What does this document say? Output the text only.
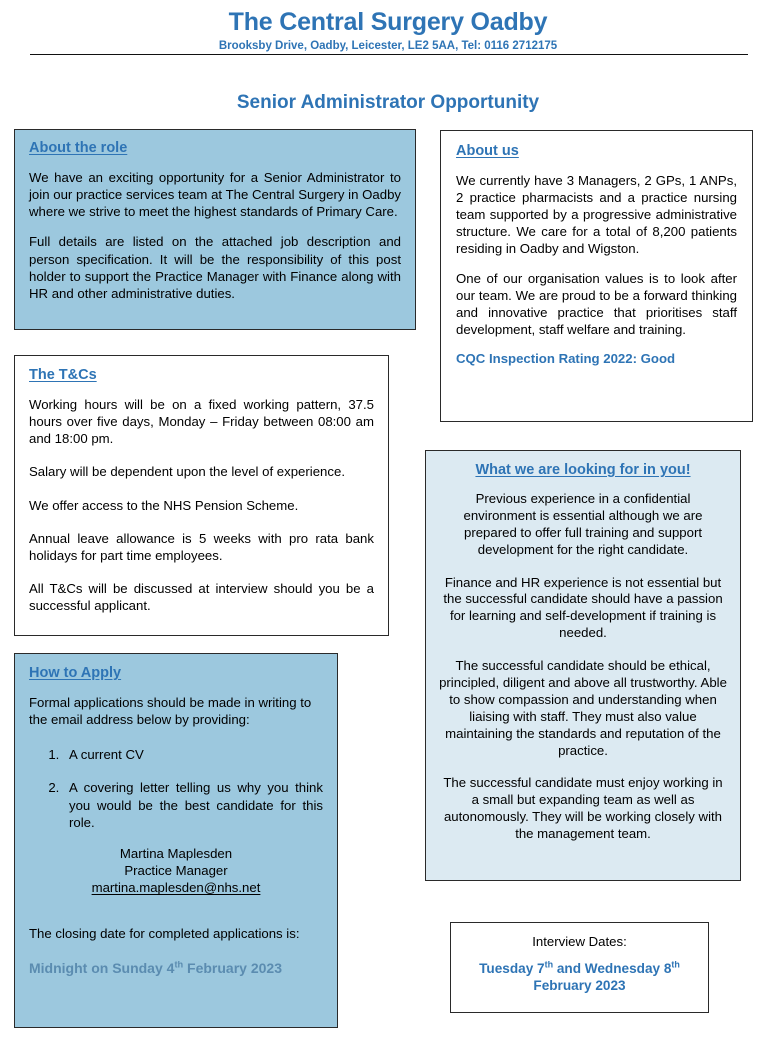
The Central Surgery Oadby
Brooksby Drive, Oadby, Leicester, LE2 5AA, Tel: 0116 2712175
Senior Administrator Opportunity

About the role

We have an exciting opportunity for a Senior Administrator to join our practice services team at The Central Surgery in Oadby where we strive to meet the highest standards of Primary Care.

Full details are listed on the attached job description and person specification. It will be the responsibility of this post holder to support the Practice Manager with Finance along with HR and other administrative duties.

About us

We currently have 3 Managers, 2 GPs, 1 ANPs, 2 practice pharmacists and a practice nursing team supported by a progressive administrative structure. We care for a total of 8,200 patients residing in Oadby and Wigston.

One of our organisation values is to look after our team. We are proud to be a forward thinking and innovative practice that prioritises staff development, staff welfare and training.

CQC Inspection Rating 2022: Good

The T&Cs

Working hours will be on a fixed working pattern, 37.5 hours over five days, Monday – Friday between 08:00 am and 18:00 pm.

Salary will be dependent upon the level of experience.

We offer access to the NHS Pension Scheme.

Annual leave allowance is 5 weeks with pro rata bank holidays for part time employees.

All T&Cs will be discussed at interview should you be a successful applicant.

What we are looking for in you!

Previous experience in a confidential environment is essential although we are prepared to offer full training and support development for the right candidate.

Finance and HR experience is not essential but the successful candidate should have a passion for learning and self-development if training is needed.

The successful candidate should be ethical, principled, diligent and above all trustworthy. Able to show compassion and understanding when liaising with staff. They must also value maintaining the standards and reputation of the practice.

The successful candidate must enjoy working in a small but expanding team as well as autonomously. They will be working closely with the management team.

How to Apply

Formal applications should be made in writing to the email address below by providing:

1. A current CV
2. A covering letter telling us why you think you would be the best candidate for this role.
Martina Maplesden
Practice Manager
martina.maplesden@nhs.net
The closing date for completed applications is:
Midnight on Sunday 4th February 2023

Interview Dates:

Tuesday 7th and Wednesday 8th
February 2023
